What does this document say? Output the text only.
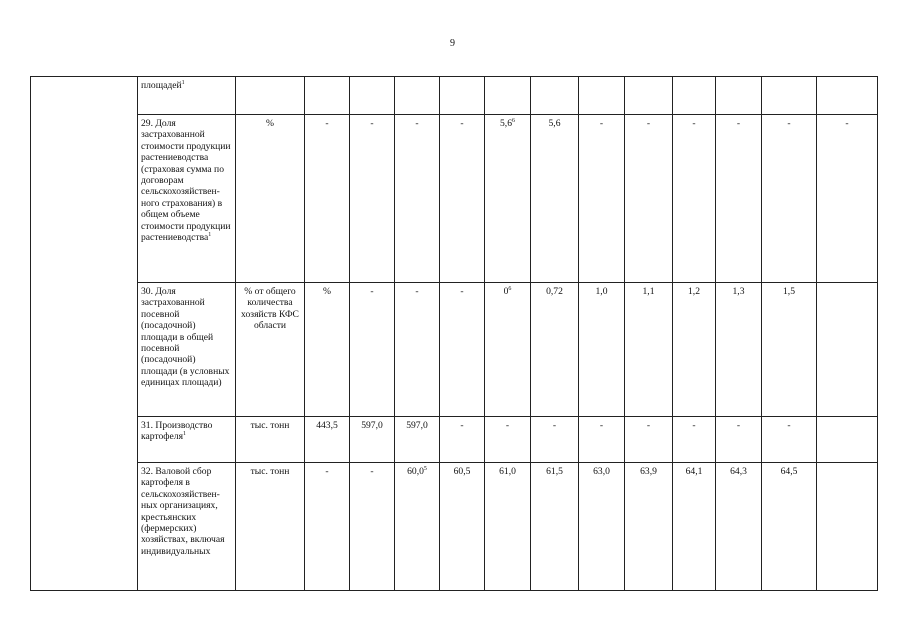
9
	площадей$^1$														
	29. Доля застрахованной стоимости продукции растениеводства (страховая сумма по договорам сельскохозяйствен-ного страхования) в общем объеме стоимости продукции растениеводства$^1$	%	-	-	-	-	$5,6^6$	5,6	-	-	-	-	-	-	
	30. Доля застрахованной посевной (посадочной) площади в общей посевной (посадочной) площади (в условных единицах площади)	% от общего количества хозяйств КФС области	%	-	-	-	$0^6$	0,72	1,0	1,1	1,2	1,3	1,5		
	31. Производство картофеля$^1$	тыс. тонн	443,5	597,0	597,0	-	-	-	-	-	-	-	-		
	32. Валовой сбор картофеля в сельскохозяйствен-ных организациях, крестьянских (фермерских) хозяйствах, включая индивидуальных	тыс. тонн	-	-	60,0$^5$	60,5	61,0	61,5	63,0	63,9	64,1	64,3	64,5		
